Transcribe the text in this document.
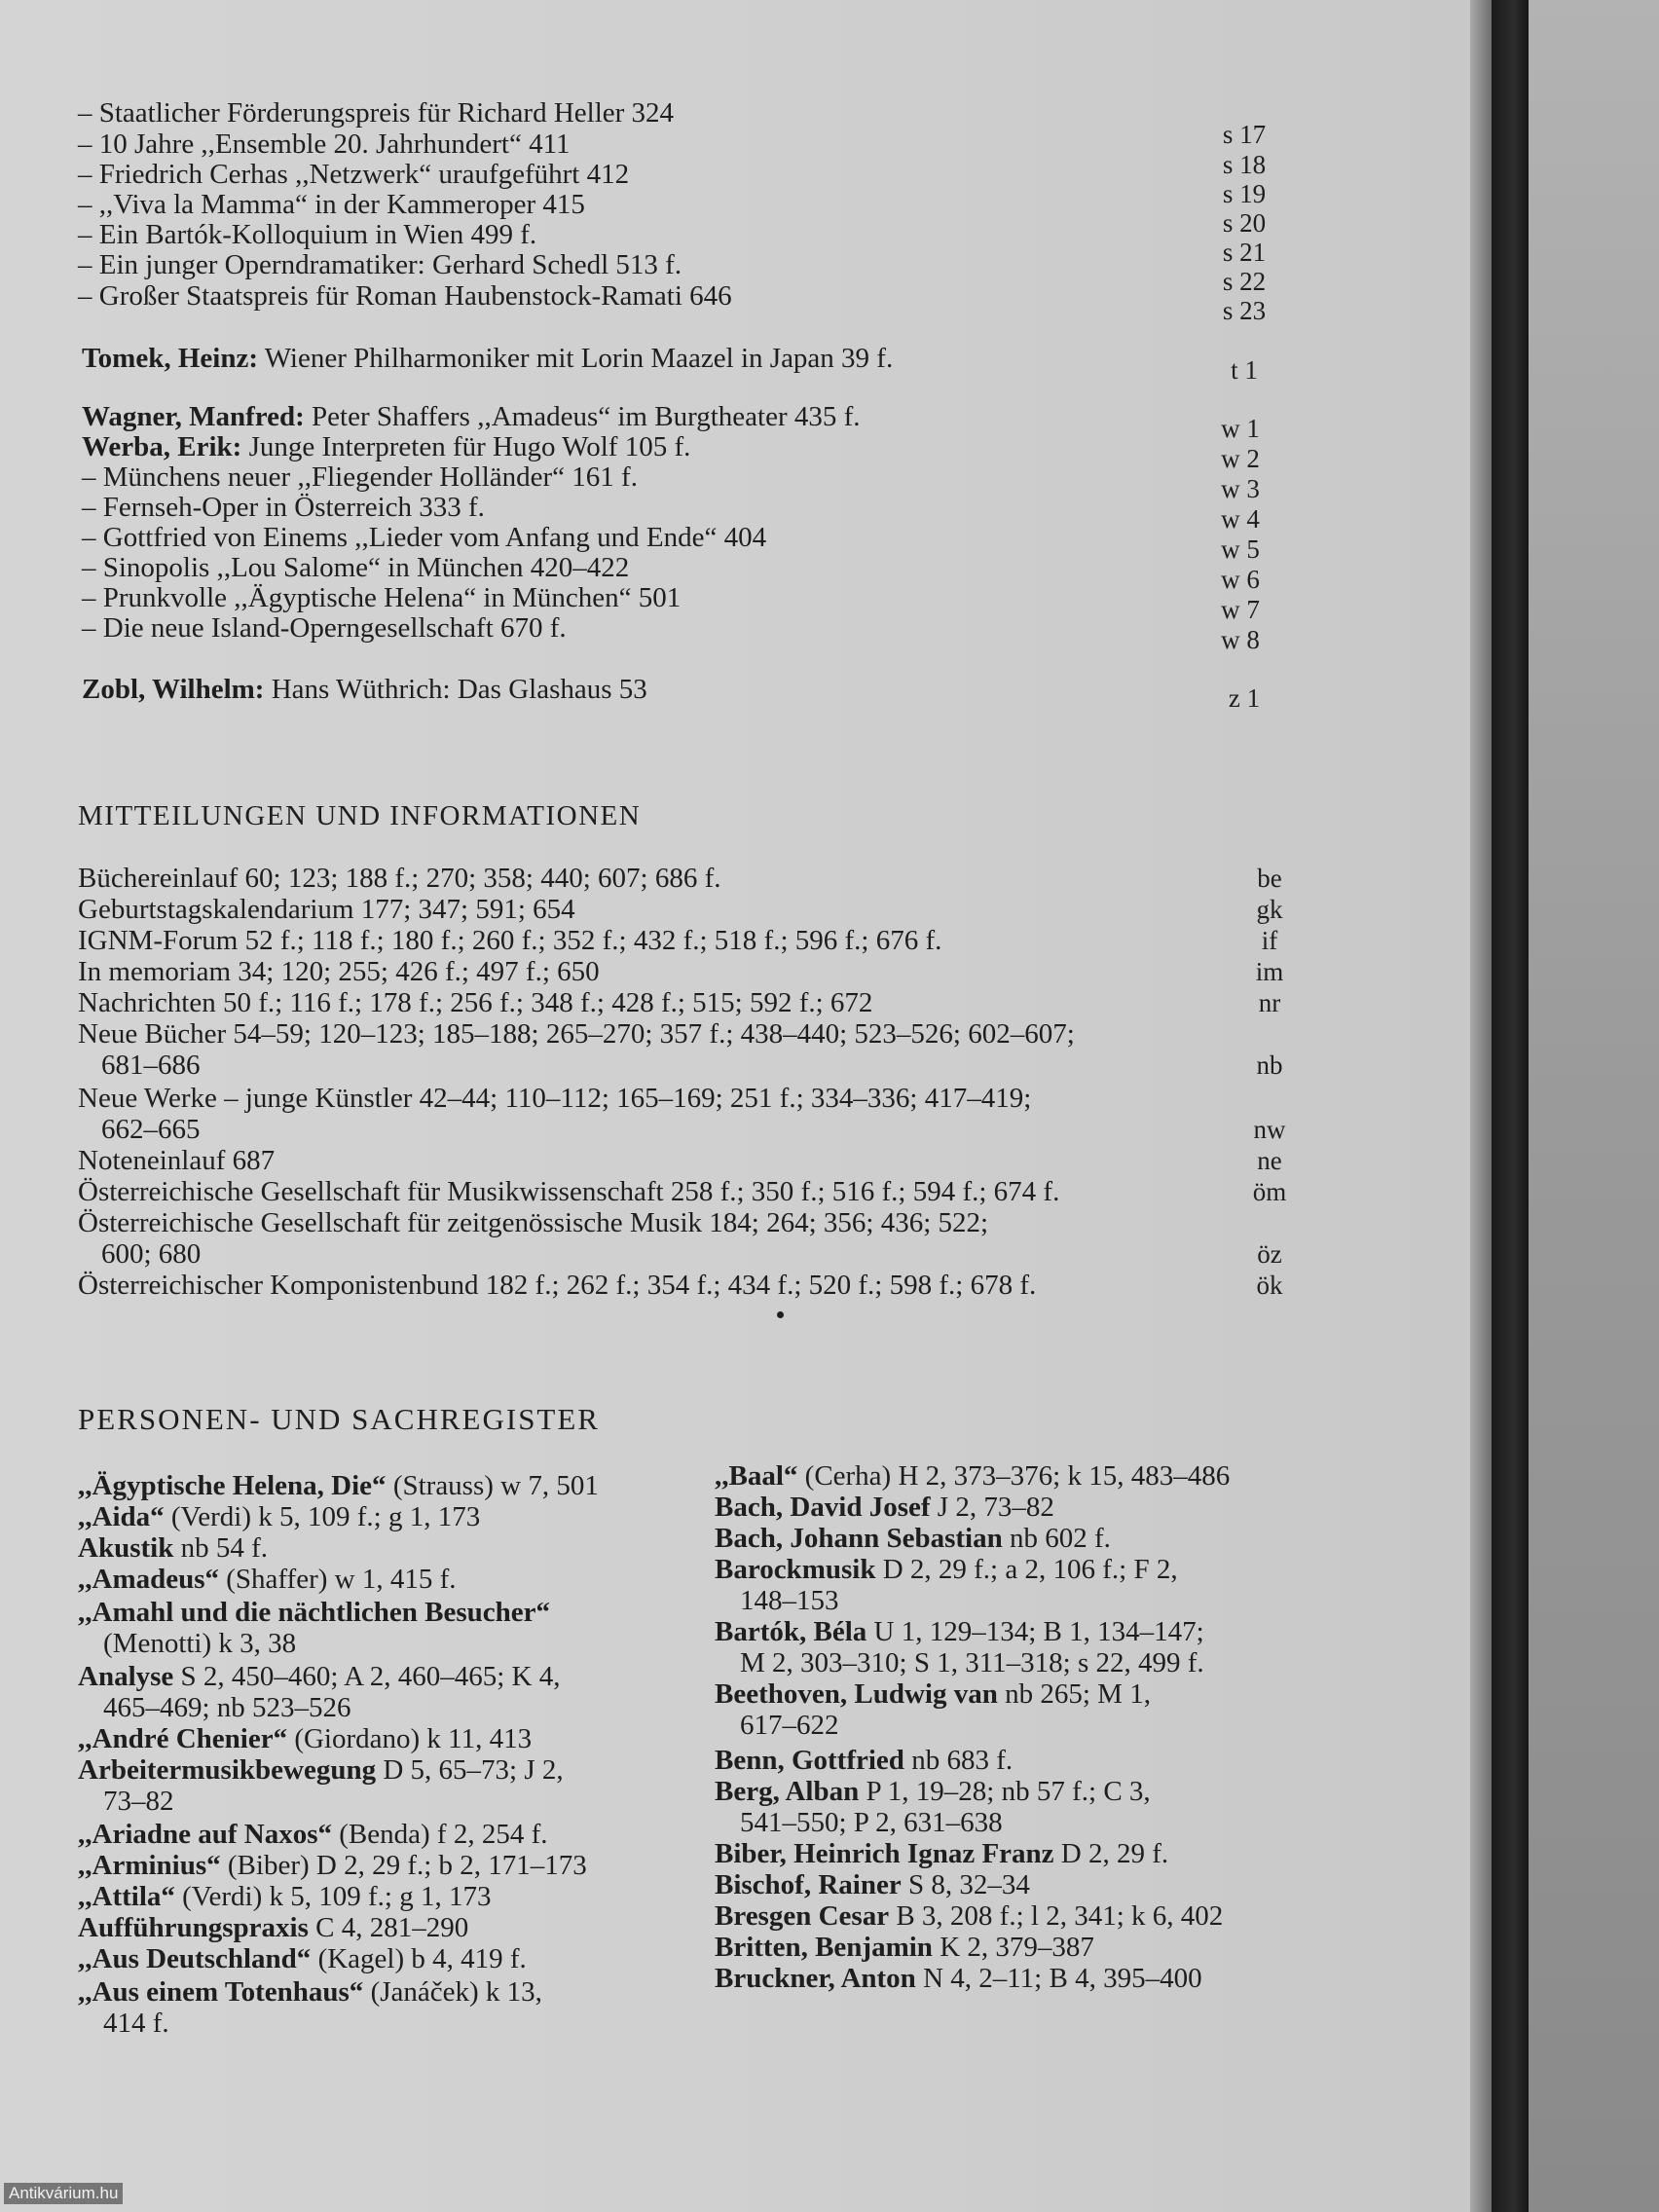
– Staatlicher Förderungspreis für Richard Heller 324
– 10 Jahre ,,Ensemble 20. Jahrhundert“ 411
– Friedrich Cerhas ,,Netzwerk“ uraufgeführt 412
– ,,Viva la Mamma“ in der Kammeroper 415
– Ein Bartók-Kolloquium in Wien 499 f.
– Ein junger Operndramatiker: Gerhard Schedl 513 f.
– Großer Staatspreis für Roman Haubenstock-Ramati 646
Tomek, Heinz: Wiener Philharmoniker mit Lorin Maazel in Japan 39 f.
Wagner, Manfred: Peter Shaffers ,,Amadeus“ im Burgtheater 435 f.
Werba, Erik: Junge Interpreten für Hugo Wolf 105 f.
– Münchens neuer ,,Fliegender Holländer“ 161 f.
– Fernseh-Oper in Österreich 333 f.
– Gottfried von Einems ,,Lieder vom Anfang und Ende“ 404
– Sinopolis ,,Lou Salome“ in München 420–422
– Prunkvolle ,,Ägyptische Helena“ in München“ 501
– Die neue Island-Operngesellschaft 670 f.
Zobl, Wilhelm: Hans Wüthrich: Das Glashaus 53
s 17
s 18
s 19
s 20
s 21
s 22
s 23
t 1
w 1
w 2
w 3
w 4
w 5
w 6
w 7
w 8
z 1
MITTEILUNGEN UND INFORMATIONEN
Büchereinlauf 60; 123; 188 f.; 270; 358; 440; 607; 686 f.
Geburtstagskalendarium 177; 347; 591; 654
IGNM-Forum 52 f.; 118 f.; 180 f.; 260 f.; 352 f.; 432 f.; 518 f.; 596 f.; 676 f.
In memoriam 34; 120; 255; 426 f.; 497 f.; 650
Nachrichten 50 f.; 116 f.; 178 f.; 256 f.; 348 f.; 428 f.; 515; 592 f.; 672
Neue Bücher 54–59; 120–123; 185–188; 265–270; 357 f.; 438–440; 523–526; 602–607;
681–686
Neue Werke – junge Künstler 42–44; 110–112; 165–169; 251 f.; 334–336; 417–419;
662–665
Noteneinlauf 687
Österreichische Gesellschaft für Musikwissenschaft 258 f.; 350 f.; 516 f.; 594 f.; 674 f.
Österreichische Gesellschaft für zeitgenössische Musik 184; 264; 356; 436; 522;
600; 680
Österreichischer Komponistenbund 182 f.; 262 f.; 354 f.; 434 f.; 520 f.; 598 f.; 678 f.
be
gk
if
im
nr
nb
nw
ne
öm
öz
ök
PERSONEN- UND SACHREGISTER
,,Ägyptische Helena, Die“ (Strauss) w 7, 501
,,Aida“ (Verdi) k 5, 109 f.; g 1, 173
Akustik nb 54 f.
,,Amadeus“ (Shaffer) w 1, 415 f.
,,Amahl und die nächtlichen Besucher“
(Menotti) k 3, 38
Analyse S 2, 450–460; A 2, 460–465; K 4,
465–469; nb 523–526
,,André Chenier“ (Giordano) k 11, 413
Arbeitermusikbewegung D 5, 65–73; J 2,
73–82
,,Ariadne auf Naxos“ (Benda) f 2, 254 f.
,,Arminius“ (Biber) D 2, 29 f.; b 2, 171–173
,,Attila“ (Verdi) k 5, 109 f.; g 1, 173
Aufführungspraxis C 4, 281–290
,,Aus Deutschland“ (Kagel) b 4, 419 f.
,,Aus einem Totenhaus“ (Janáček) k 13,
414 f.
,,Baal“ (Cerha) H 2, 373–376; k 15, 483–486
Bach, David Josef J 2, 73–82
Bach, Johann Sebastian nb 602 f.
Barockmusik D 2, 29 f.; a 2, 106 f.; F 2,
148–153
Bartók, Béla U 1, 129–134; B 1, 134–147;
M 2, 303–310; S 1, 311–318; s 22, 499 f.
Beethoven, Ludwig van nb 265; M 1,
617–622
Benn, Gottfried nb 683 f.
Berg, Alban P 1, 19–28; nb 57 f.; C 3,
541–550; P 2, 631–638
Biber, Heinrich Ignaz Franz D 2, 29 f.
Bischof, Rainer S 8, 32–34
Bresgen Cesar B 3, 208 f.; l 2, 341; k 6, 402
Britten, Benjamin K 2, 379–387
Bruckner, Anton N 4, 2–11; B 4, 395–400
Antikvárium.hu
